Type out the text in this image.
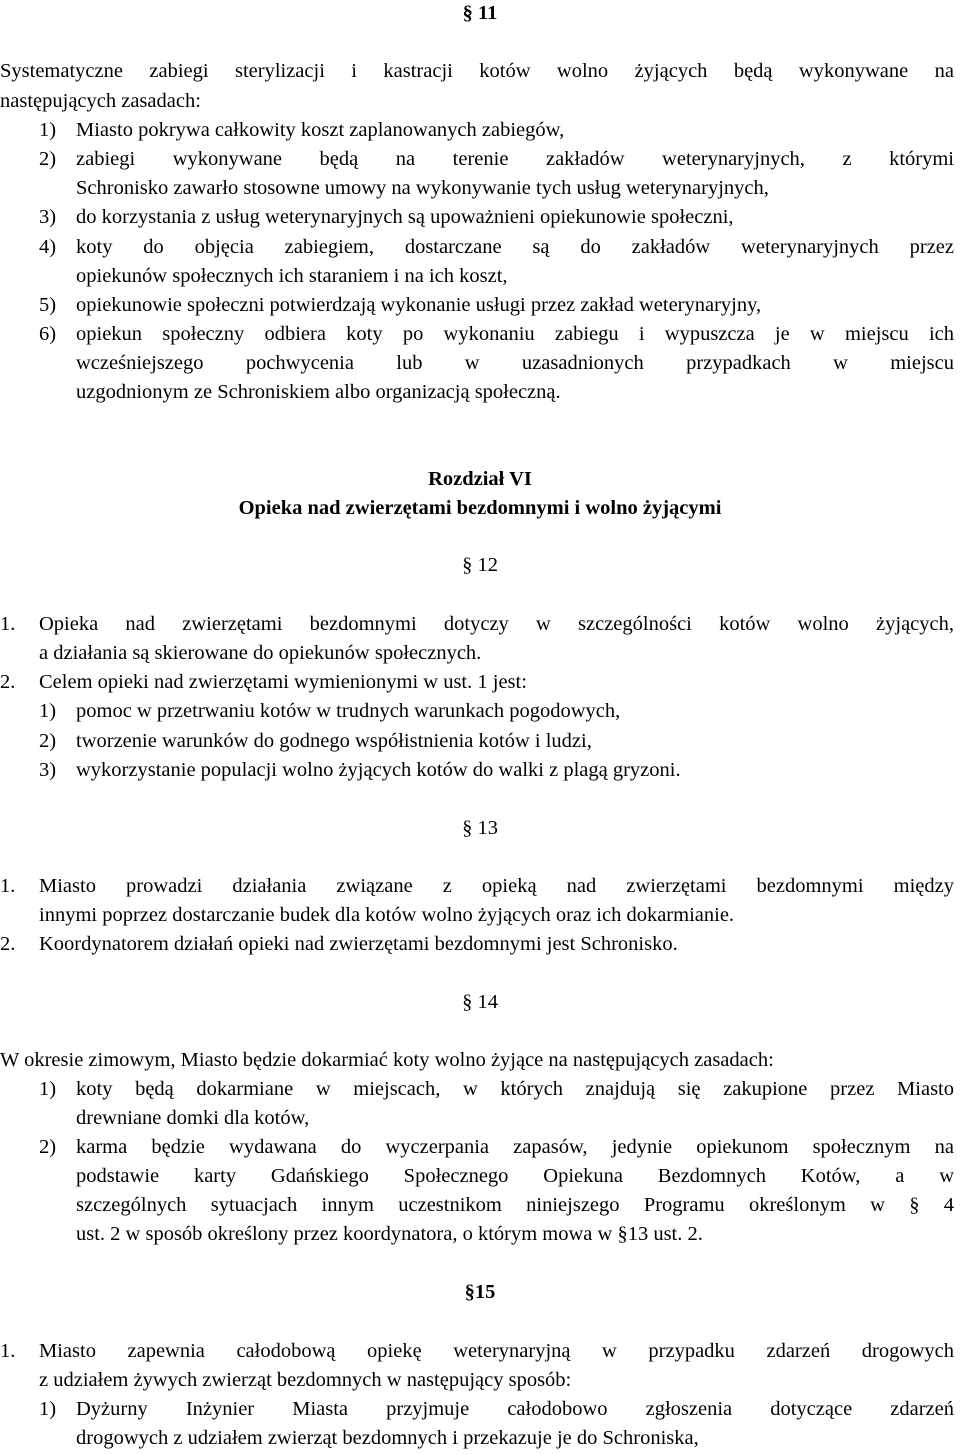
§ 11
Systematyczne zabiegi sterylizacji i kastracji kotów wolno żyjących będą wykonywane na
następujących zasadach:
1) Miasto pokrywa całkowity koszt zaplanowanych zabiegów,
2) zabiegi wykonywane będą na terenie zakładów weterynaryjnych, z którymi
Schronisko zawarło stosowne umowy na wykonywanie tych usług weterynaryjnych,
3) do korzystania z usług weterynaryjnych są upoważnieni opiekunowie społeczni,
4) koty do objęcia zabiegiem, dostarczane są do zakładów weterynaryjnych przez
opiekunów społecznych ich staraniem i na ich koszt,
5) opiekunowie społeczni potwierdzają wykonanie usługi przez zakład weterynaryjny,
6) opiekun społeczny odbiera koty po wykonaniu zabiegu i wypuszcza je w miejscu ich
wcześniejszego pochwycenia lub w uzasadnionych przypadkach w miejscu
uzgodnionym ze Schroniskiem albo organizacją społeczną.
Rozdział VI
Opieka nad zwierzętami bezdomnymi i wolno żyjącymi
§ 12
1. Opieka nad zwierzętami bezdomnymi dotyczy w szczególności kotów wolno żyjących,
a działania są skierowane do opiekunów społecznych.
2. Celem opieki nad zwierzętami wymienionymi w ust. 1 jest:
1) pomoc w przetrwaniu kotów w trudnych warunkach pogodowych,
2) tworzenie warunków do godnego współistnienia kotów i ludzi,
3) wykorzystanie populacji wolno żyjących kotów do walki z plagą gryzoni.
§ 13
1. Miasto prowadzi działania związane z opieką nad zwierzętami bezdomnymi między
innymi poprzez dostarczanie budek dla kotów wolno żyjących oraz ich dokarmianie.
2. Koordynatorem działań opieki nad zwierzętami bezdomnymi jest Schronisko.
§ 14
W okresie zimowym, Miasto będzie dokarmiać koty wolno żyjące na następujących zasadach:
1) koty będą dokarmiane w miejscach, w których znajdują się zakupione przez Miasto
drewniane domki dla kotów,
2) karma będzie wydawana do wyczerpania zapasów, jedynie opiekunom społecznym na
podstawie karty Gdańskiego Społecznego Opiekuna Bezdomnych Kotów, a w
szczególnych sytuacjach innym uczestnikom niniejszego Programu określonym w § 4
ust. 2 w sposób określony przez koordynatora, o którym mowa w §13 ust. 2.
§15
1. Miasto zapewnia całodobową opiekę weterynaryjną w przypadku zdarzeń drogowych
z udziałem żywych zwierząt bezdomnych w następujący sposób:
1) Dyżurny Inżynier Miasta przyjmuje całodobowo zgłoszenia dotyczące zdarzeń
drogowych z udziałem zwierząt bezdomnych i przekazuje je do Schroniska,
